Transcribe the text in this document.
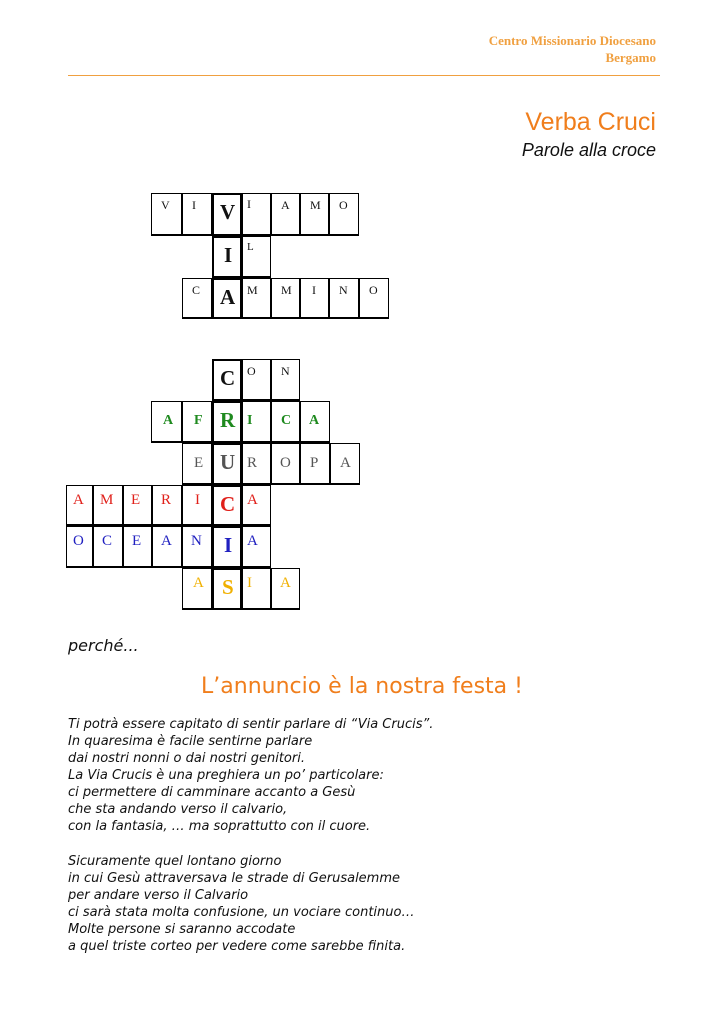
Centro Missionario Diocesano
Bergamo
Verba Cruci
Parole alla croce
V I V I	A M O
I L
C A M M I N O
C O N
A F R I C A
E U R O P A
A M E R I C A
O C E A N I A
A S I A
perché...
L’annuncio è la nostra festa !
Ti potrà essere capitato di sentir parlare di “Via Crucis”.
In quaresima è facile sentirne parlare
dai nostri nonni o dai nostri genitori.
La Via Crucis è una preghiera un po’ particolare:
ci permettere di camminare accanto a Gesù
che sta andando verso il calvario,
con la fantasia, … ma soprattutto con il cuore.
Sicuramente quel lontano giorno
in cui Gesù attraversava le strade di Gerusalemme
per andare verso il Calvario
ci sarà stata molta confusione, un vociare continuo…
Molte persone si saranno accodate
a quel triste corteo per vedere come sarebbe finita.
